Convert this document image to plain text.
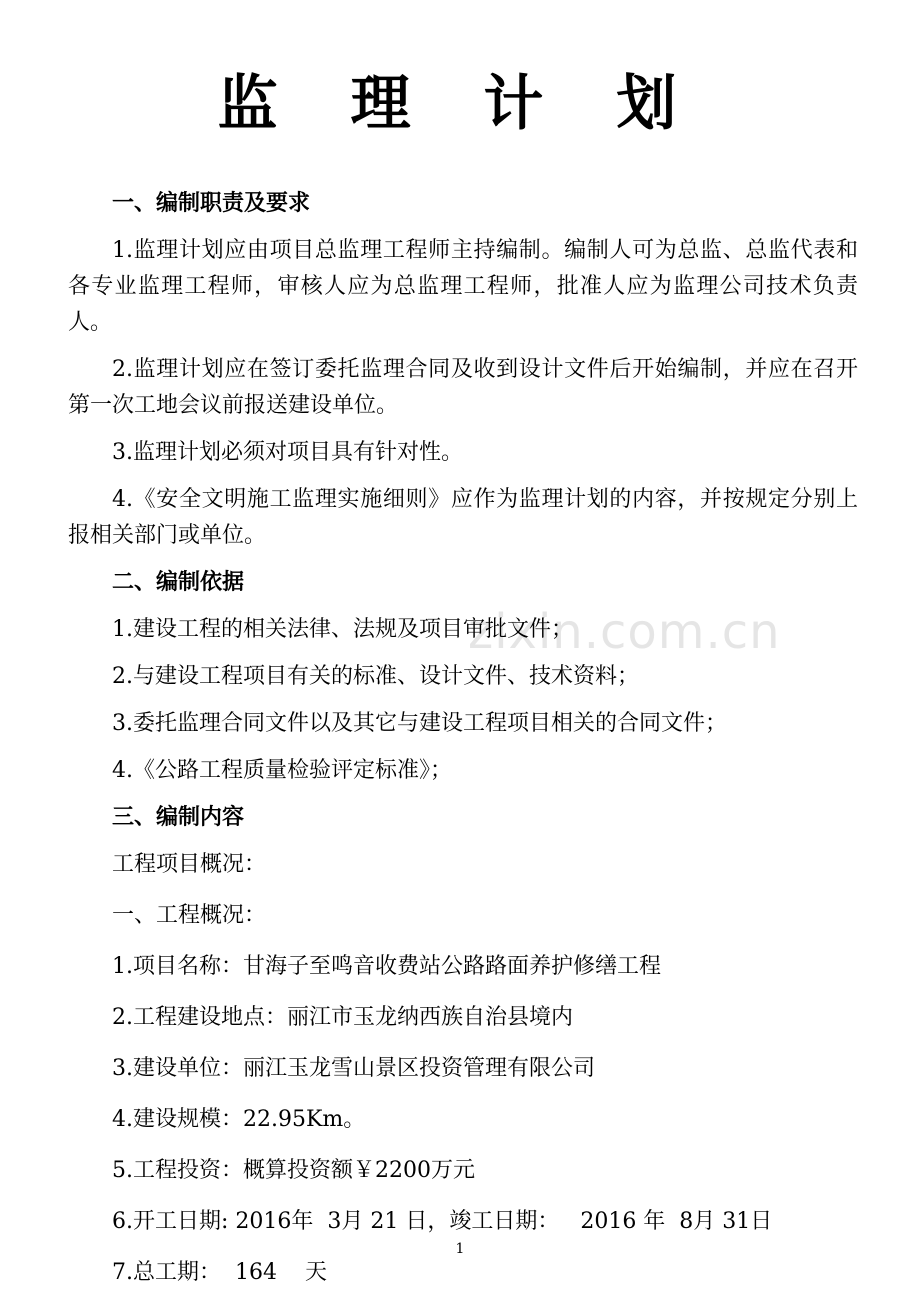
监 理 计 划
zixin.com.cn
一、编制职责及要求
1.监理计划应由项目总监理工程师主持编制。编制人可为总监、总监代表和各专业监理工程师，审核人应为总监理工程师，批准人应为监理公司技术负责人。
2.监理计划应在签订委托监理合同及收到设计文件后开始编制，并应在召开第一次工地会议前报送建设单位。
3.监理计划必须对项目具有针对性。
4.《安全文明施工监理实施细则》应作为监理计划的内容，并按规定分别上报相关部门或单位。
二、编制依据
1.建设工程的相关法律、法规及项目审批文件；
2.与建设工程项目有关的标准、设计文件、技术资料；
3.委托监理合同文件以及其它与建设工程项目相关的合同文件；
4.《公路工程质量检验评定标准》；
三、编制内容
工程项目概况：
一、工程概况：
1.项目名称：甘海子至鸣音收费站公路路面养护修缮工程
2.工程建设地点：丽江市玉龙纳西族自治县境内
3.建设单位：丽江玉龙雪山景区投资管理有限公司
4.建设规模：22.95Km。
5.工程投资：概算投资额￥2200万元
6.开工日期: 2016年  3月 21 日，竣工日期：   2016 年  8月 31日
7.总工期：  164    天
1
